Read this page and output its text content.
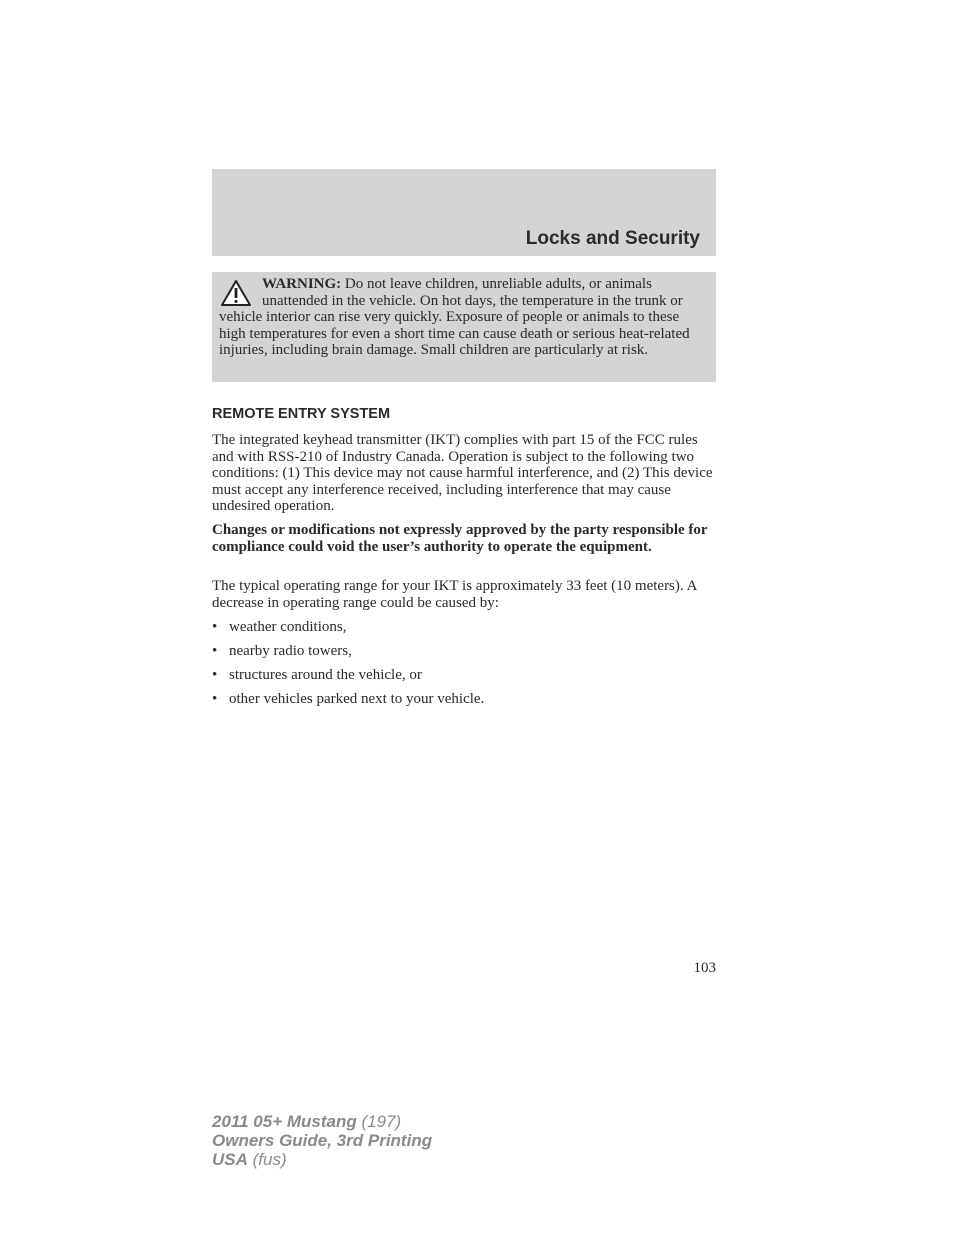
Locks and Security
WARNING: Do not leave children, unreliable adults, or animals unattended in the vehicle. On hot days, the temperature in the trunk or vehicle interior can rise very quickly. Exposure of people or animals to these high temperatures for even a short time can cause death or serious heat-related injuries, including brain damage. Small children are particularly at risk.
REMOTE ENTRY SYSTEM

The integrated keyhead transmitter (IKT) complies with part 15 of the FCC rules and with RSS-210 of Industry Canada. Operation is subject to the following two conditions: (1) This device may not cause harmful interference, and (2) This device must accept any interference received, including interference that may cause undesired operation.

Changes or modifications not expressly approved by the party responsible for compliance could void the user’s authority to operate the equipment.

The typical operating range for your IKT is approximately 33 feet (10 meters). A decrease in operating range could be caused by:

• weather conditions,
• nearby radio towers,
• structures around the vehicle, or
• other vehicles parked next to your vehicle.
103
2011 05+ Mustang (197)
Owners Guide, 3rd Printing
USA (fus)
